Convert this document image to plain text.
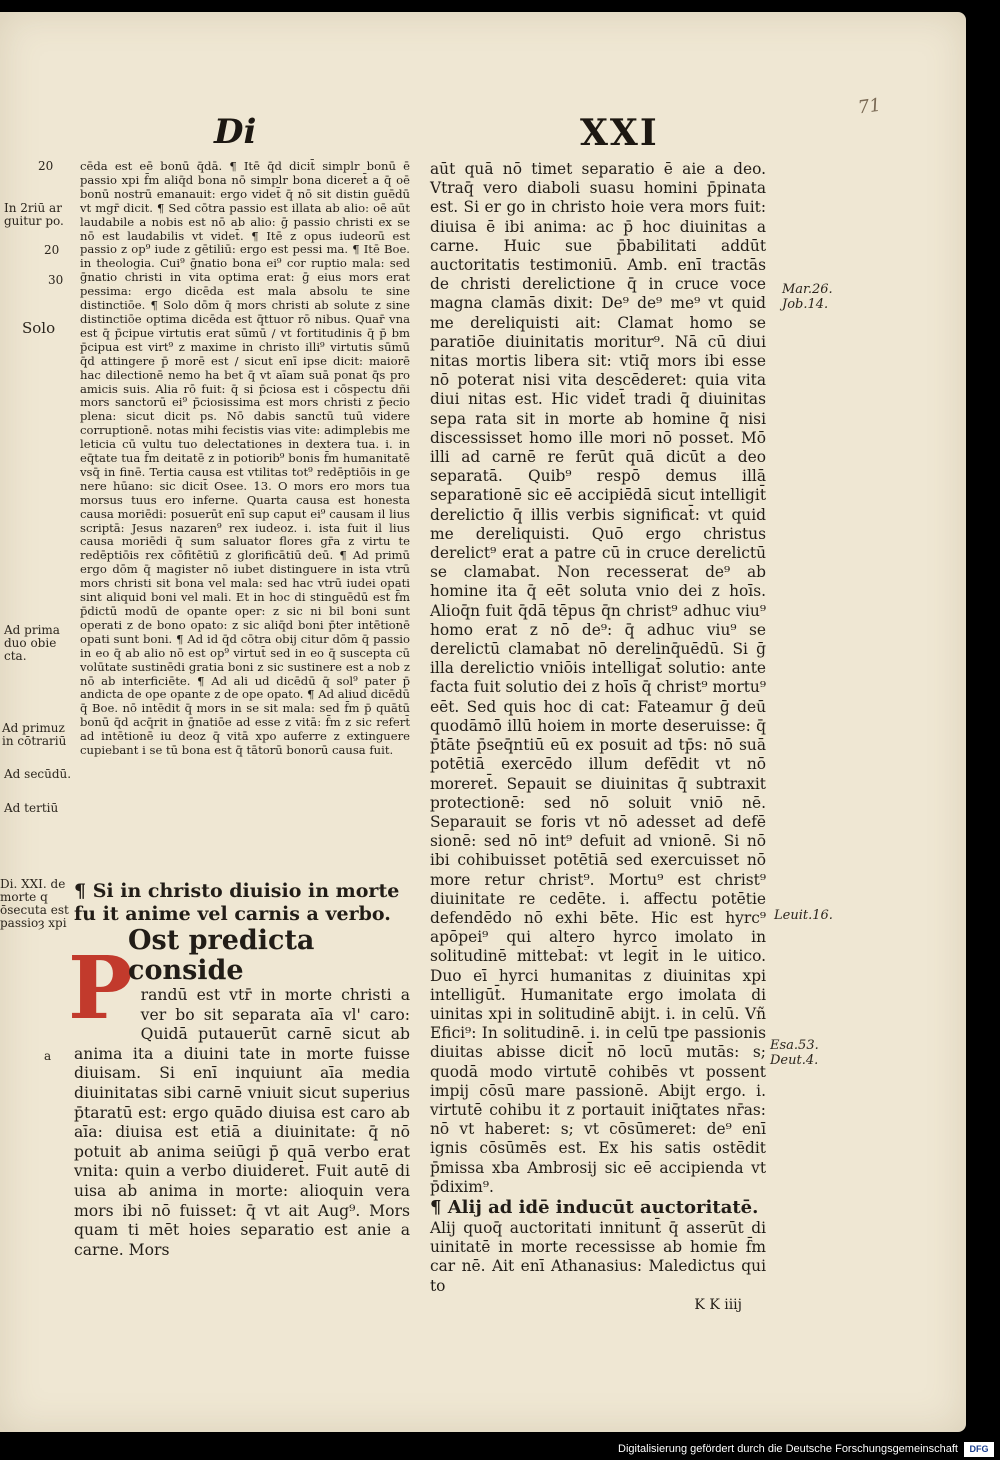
Di	XXI
71
20
In 2riū ar guitur po.
20
30
Solo
Ad prima duo obie cta.
Ad primuz in cōtrariū
Ad secūdū.
Ad tertiū
Di. XXI. de morte q ōsecuta est passioȝ xpi
a
Mar.26. Job.14.
Leuit.16.
Esa.53. Deut.4.

cēda est eē bonū q̄dā. ¶ Itē q̄d dicit̄ simplr bonū ē passio xpi f̄m aliq̄d bona nō simplr bona diceret̄ a q̄ oē bonū nostrū emanauit: ergo videt̄ q̄ nō sit distin guēdū vt mgr̄ dicit. ¶ Sed cōtra passio est illata ab alio: oē aūt laudabile a nobis est nō ab alio: ḡ passio christi ex se nō est laudabilis vt videt̄. ¶ Itē z opus iudeorū est passio z op⁹ iude z gētiliū: ergo est pessi ma. ¶ Itē Boe. in theologia. Cui⁹ ḡnatio bona ei⁹ cor ruptio mala: sed ḡnatio christi in vita optima erat: ḡ eius mors erat pessima: ergo dicēda est mala absolu te sine distinctiōe. ¶ Solo dōm q̄ mors christi ab solute z sine distinctiōe optima dicēda est q̄ttuor rō nibus. Quar̄ vna est q̄ p̄cipue virtutis erat sūmū / vt fortitudinis q̄ p̄ bm p̄cipua est virt⁹ z maxime in christo illi⁹ virtutis sūmū q̄d attingere p̄ morē est / sicut enī ipse dicit: maiorē hac dilectionē nemo ha bet q̄ vt aīam suā ponat q̄s pro amicis suis. Alia rō fuit: q̄ si p̄ciosa est i cōspectu dñi mors sanctorū ei⁹ p̄ciosissima est mors christi z p̄ecio plena: sicut dicit ps. Nō dabis sanctū tuū videre corruptionē. notas mihi fecistis vias vite: adimplebis me leticia cū vultu tuo delectationes in dextera tua. i. in eq̄tate tua f̄m deitatē z in potiorib⁹ bonis f̄m humanitatē vsq̄ in finē. Tertia causa est vtilitas tot⁹ redēptiōis in ge nere hūano: sic dicit̄ Osee. 13. O mors ero mors tua morsus tuus ero inferne. Quarta causa est honesta causa moriēdi: posuerūt enī sup caput ei⁹ causam il lius scriptā: Jesus nazaren⁹ rex iudeoz. i. ista fuit il lius causa moriēdi q̄ sum saluator flores gr̄a z virtu te redēptiōis rex cōfitētiū z glorificātiū deū. ¶ Ad primū ergo dōm q̄ magister nō iubet distinguere in ista vtrū mors christi sit bona vel mala: sed hac vtrū iudei opati sint aliquid boni vel mali. Et in hoc di stinguēdū est f̄m p̄dictū modū de opante oper: z sic ni bil boni sunt operati z de bono opato: z sic aliq̄d boni p̄ter intētionē opati sunt boni. ¶ Ad id q̄d cōtra obij citur dōm q̄ passio in eo q̄ ab alio nō est op⁹ virtut̄ sed in eo q̄ suscepta cū volūtate sustinēdi gratia boni z sic sustinere est a nob z nō ab interficiēte. ¶ Ad ali ud dicēdū q̄ sol⁹ pater p̄ andicta de ope opante z de ope opato. ¶ Ad aliud dicēdū q̄ Boe. nō intēdit q̄ mors in se sit mala: sed f̄m p̄ quātū bonū q̄d acq̄rit in ḡnatiōe ad esse z vitā: f̄m z sic refert̄ ad intētionē iu deoz q̄ vitā xpo auferre z extinguere cupiebant i se tū bona est q̄ tātorū bonorū causa fuit.

¶ Si in christo diuisio in morte fu it anime vel carnis a verbo.

Ost predicta conside

Prandū est vtr̄ in morte christi a ver bo sit separata aīa vl' caro: Quidā putauerūt carnē sicut ab anima ita a diuini tate in morte fuisse diuisam. Si enī inquiunt aīa media diuinitatas sibi carnē vniuit sicut superius p̄taratū est: ergo quādo diuisa est caro ab aīa: diuisa est etiā a diuinitate: q̄ nō potuit ab anima seiūgi p̄ quā verbo erat vnita: quin a verbo diuideret̄. Fuit autē di uisa ab anima in morte: alioquin vera mors ibi nō fuisset: q̄ vt ait Aug⁹. Mors quam ti mēt hoies separatio est anie a carne. Mors

aūt quā nō timet separatio ē aie a deo. Vtraq̄ vero diaboli suasu homini p̄pinata est. Si er go in christo hoie vera mors fuit: diuisa ē ibi anima: ac p̄ hoc diuinitas a carne. Huic sue p̄babilitati addūt auctoritatis testimoniū. Amb. enī tractās de christi derelictione q̄ in cruce voce magna clamās dixit: De⁹ de⁹ me⁹ vt quid me dereliquisti ait: Clamat homo se paratiōe diuinitatis moritur⁹. Nā cū diui nitas mortis libera sit: vtiq̄ mors ibi esse nō poterat nisi vita descēderet: quia vita diui nitas est. Hic videt̄ tradi q̄ diuinitas sepa rata sit in morte ab homine q̄ nisi discessisset homo ille mori nō posset. Mō illi ad carnē re ferūt quā dicūt a deo separatā. Quib⁹ respō demus illā separationē sic eē accipiēdā sicut intelligit̄ derelictio q̄ illis verbis significat̄: vt quid me dereliquisti. Quō ergo christus derelict⁹ erat a patre cū in cruce derelictū se clamabat. Non recesserat de⁹ ab homine ita q̄ eēt soluta vnio dei z hoīs. Alioq̄n fuit q̄dā tēpus q̄n christ⁹ adhuc viu⁹ homo erat z nō de⁹: q̄ adhuc viu⁹ se derelictū clamabat nō derelinq̄uēdū. Si ḡ illa derelictio vniōis intelligat̄ solutio: ante facta fuit solutio dei z hoīs q̄ christ⁹ mortu⁹ eēt. Sed quis hoc di cat: Fateamur ḡ deū quodāmō illū hoiem in morte deseruisse: q̄ p̄tāte p̄seq̄ntiū eū ex posuit ad tp̄s: nō suā potētiā exercēdo illum defēdit vt nō moreret̄. Sepauit se diuinitas q̄ subtraxit protectionē: sed nō soluit vniō nē. Separauit se foris vt nō adesset ad defē sionē: sed nō int⁹ defuit ad vnionē. Si nō ibi cohibuisset potētiā sed exercuisset nō more retur christ⁹. Mortu⁹ est christ⁹ diuinitate re cedēte. i. affectu potētie defendēdo nō exhi bēte. Hic est hyrc⁹ apōpei⁹ qui altero hyrco imolato in solitudinē mittebat̄: vt legit̄ in le uitico. Duo eī hyrci humanitas z diuinitas xpi intelligūt̄. Humanitate ergo imolata di uinitas xpi in solitudinē abijt. i. in celū. Vñ Efici⁹: In solitudinē. i. in celū tpe passionis diuitas abisse dicit̄ nō locū mutās: s; quodā modo virtutē cohibēs vt possent impij cōsū mare passionē. Abijt ergo. i. virtutē cohibu it z portauit iniq̄tates nr̄as: nō vt haberet: s; vt cōsūmeret: de⁹ enī ignis cōsūmēs est. Ex his satis ostēdit p̄missa xba Ambrosij sic eē accipienda vt p̄dixim⁹.

¶ Alij ad idē inducūt auctoritatē.

Alij quoq̄ auctoritati innitunt̄ q̄ asserūt di uinitatē in morte recessisse ab homie f̄m car nē. Ait enī Athanasius: Maledictus qui to

K K iiij

Digitalisierung gefördert durch die Deutsche Forschungsgemeinschaft	DFG
